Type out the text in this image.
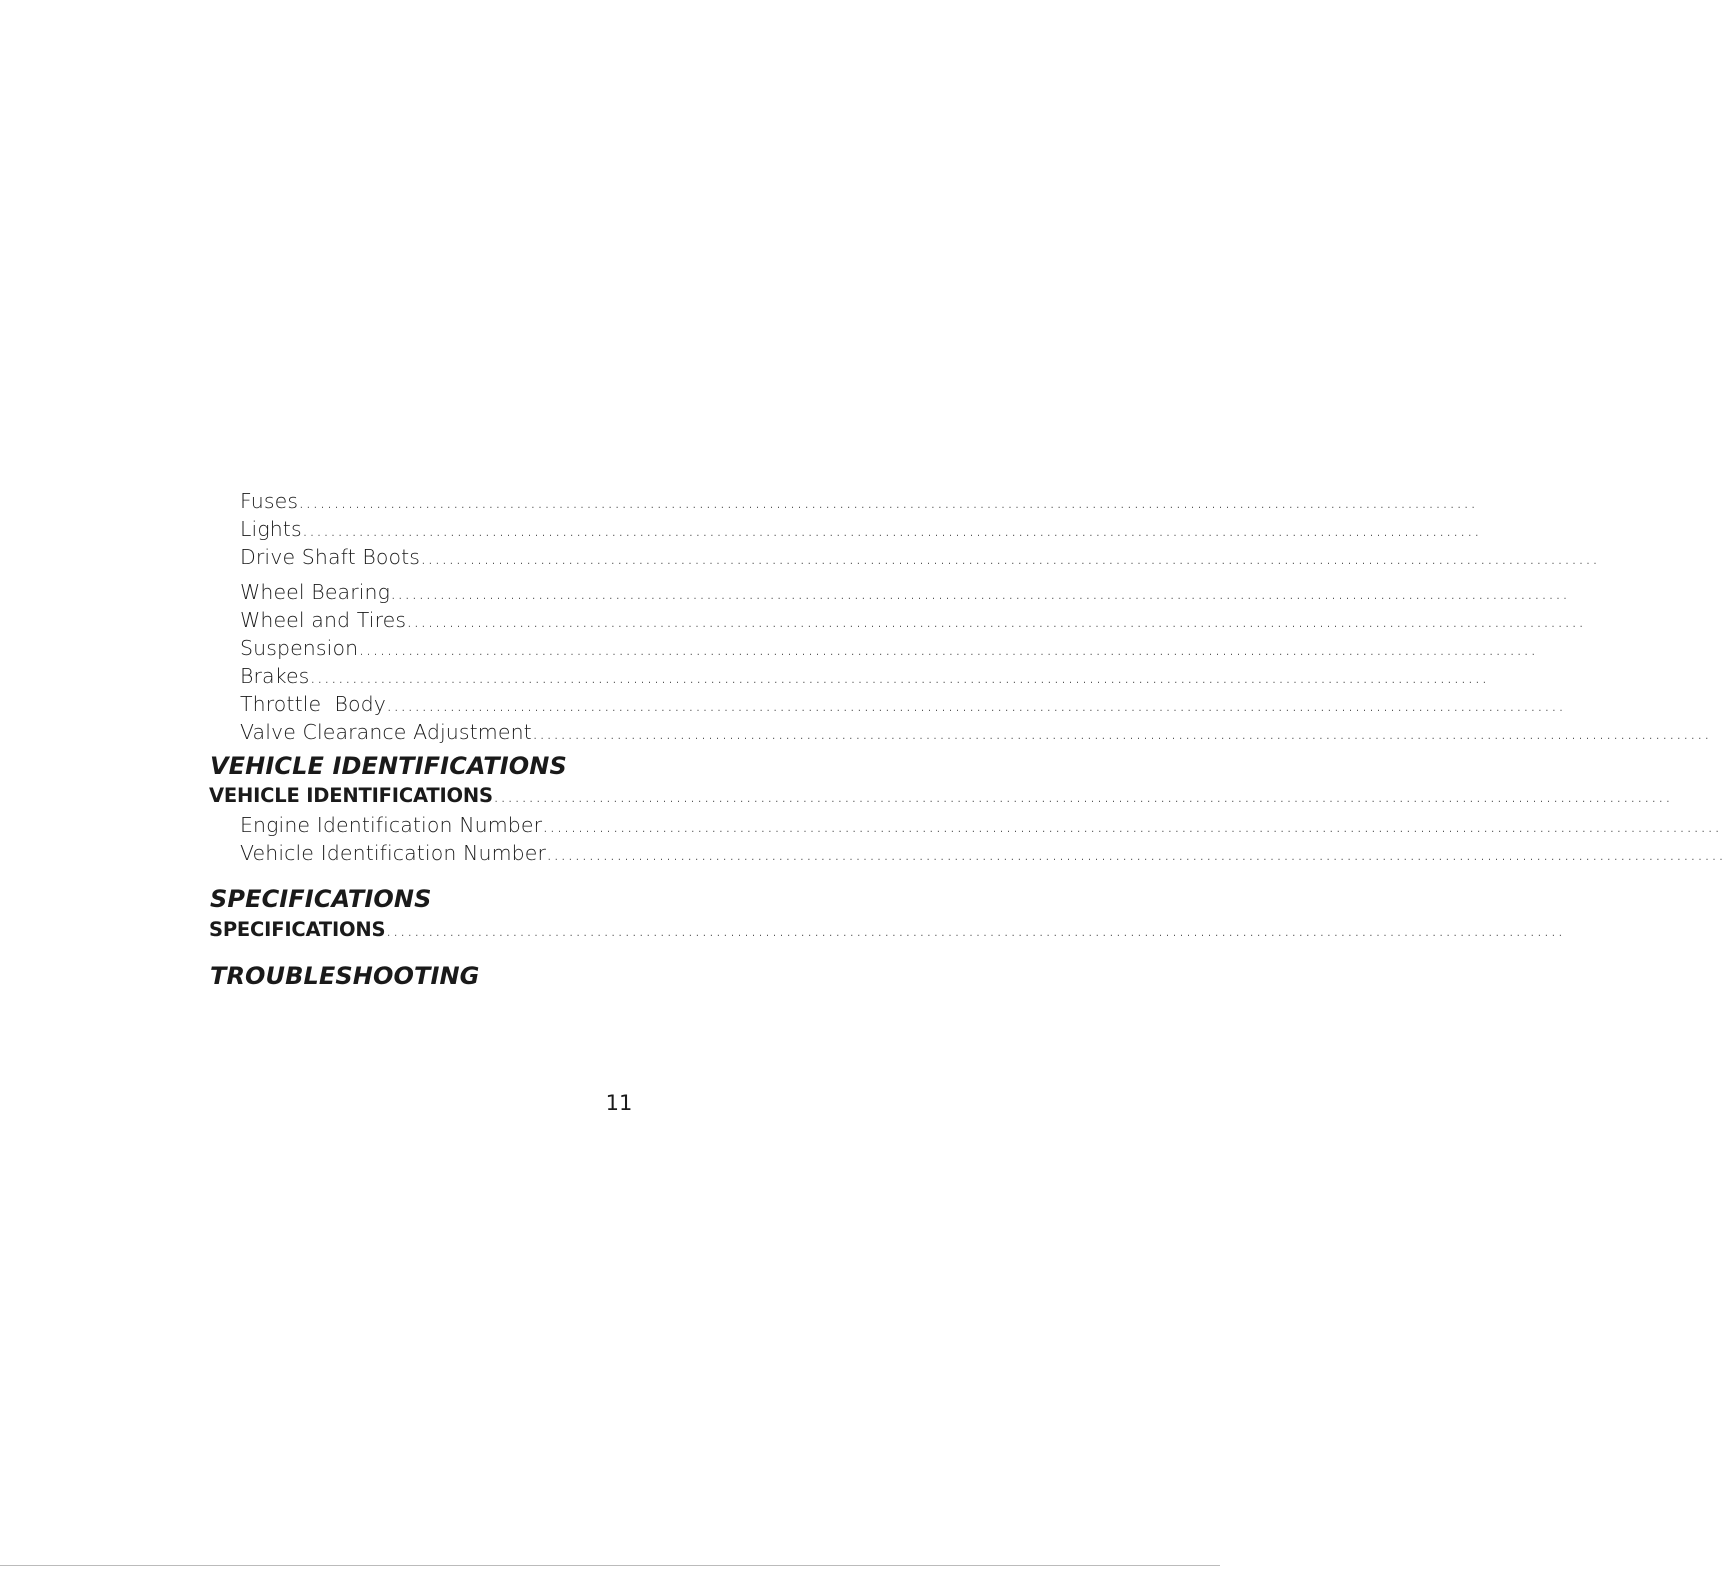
Fuses........................................................................................................................................................................
Lights........................................................................................................................................................................
Drive Shaft Boots........................................................................................................................................................................
Wheel Bearing........................................................................................................................................................................
Wheel and Tires........................................................................................................................................................................
Suspension........................................................................................................................................................................
Brakes........................................................................................................................................................................
Throttle  Body........................................................................................................................................................................
Valve Clearance Adjustment........................................................................................................................................................................
VEHICLE IDENTIFICATIONS
VEHICLE IDENTIFICATIONS........................................................................................................................................................................
Engine Identification Number........................................................................................................................................................................
Vehicle Identification Number........................................................................................................................................................................
SPECIFICATIONS
SPECIFICATIONS........................................................................................................................................................................
TROUBLESHOOTING
11
